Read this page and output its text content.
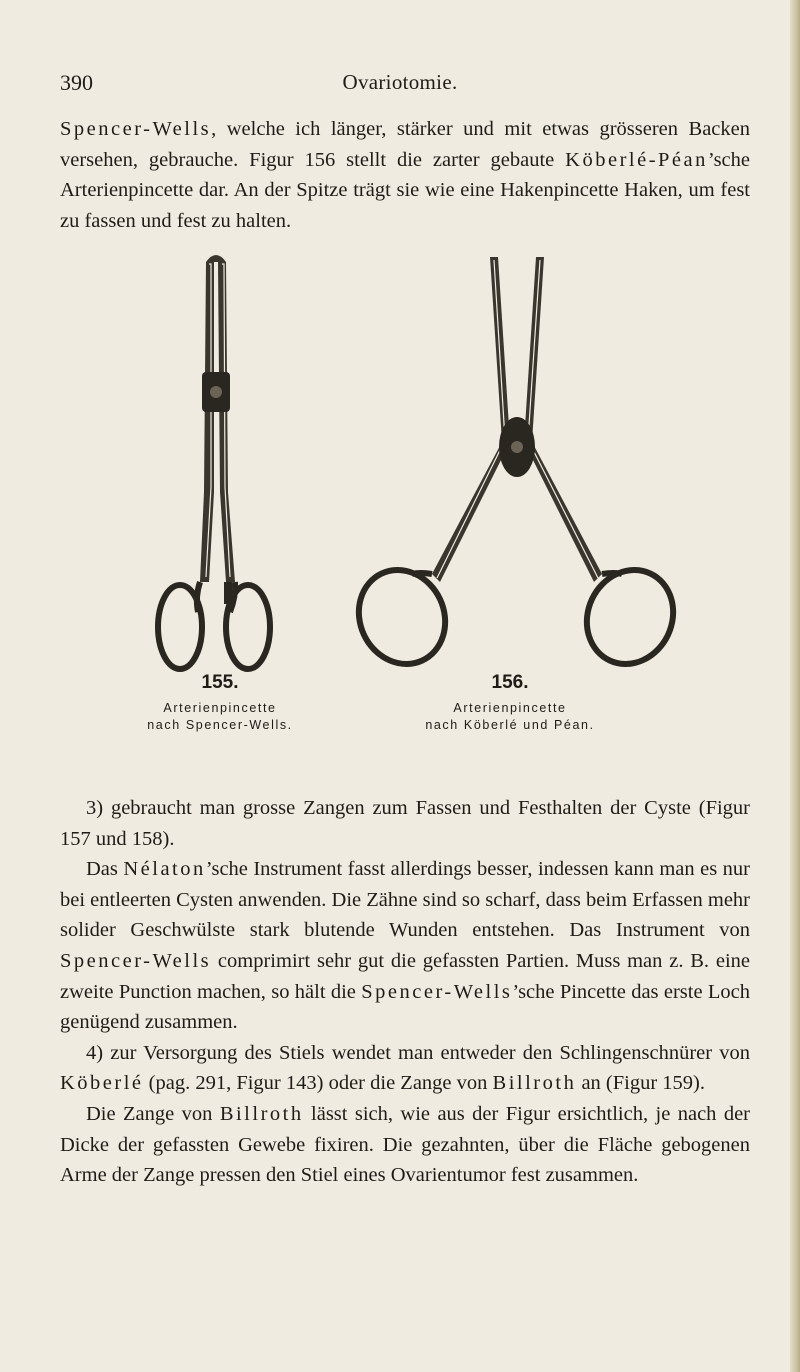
390	Ovariotomie.

Spencer-Wells, welche ich länger, stärker und mit etwas grösseren Backen versehen, gebrauche. Figur 156 stellt die zarter gebaute Köberlé-Péan’sche Arterienpincette dar. An der Spitze trägt sie wie eine Hakenpincette Haken, um fest zu fassen und fest zu halten.

155.
Arterienpincette
nach Spencer-Wells.
156.
Arterienpincette
nach Köberlé und Péan.
3) gebraucht man grosse Zangen zum Fassen und Festhalten der Cyste (Figur 157 und 158).
Das Nélaton’sche Instrument fasst allerdings besser, indessen kann man es nur bei entleerten Cysten anwenden. Die Zähne sind so scharf, dass beim Erfassen mehr solider Geschwülste stark blutende Wunden entstehen. Das Instrument von Spencer-Wells comprimirt sehr gut die gefassten Partien. Muss man z. B. eine zweite Punction machen, so hält die Spencer-Wells’sche Pincette das erste Loch genügend zusammen.
4) zur Versorgung des Stiels wendet man entweder den Schlingenschnürer von Köberlé (pag. 291, Figur 143) oder die Zange von Billroth an (Figur 159).
Die Zange von Billroth lässt sich, wie aus der Figur ersichtlich, je nach der Dicke der gefassten Gewebe fixiren. Die gezahnten, über die Fläche gebogenen Arme der Zange pressen den Stiel eines Ovarientumor fest zusammen.
